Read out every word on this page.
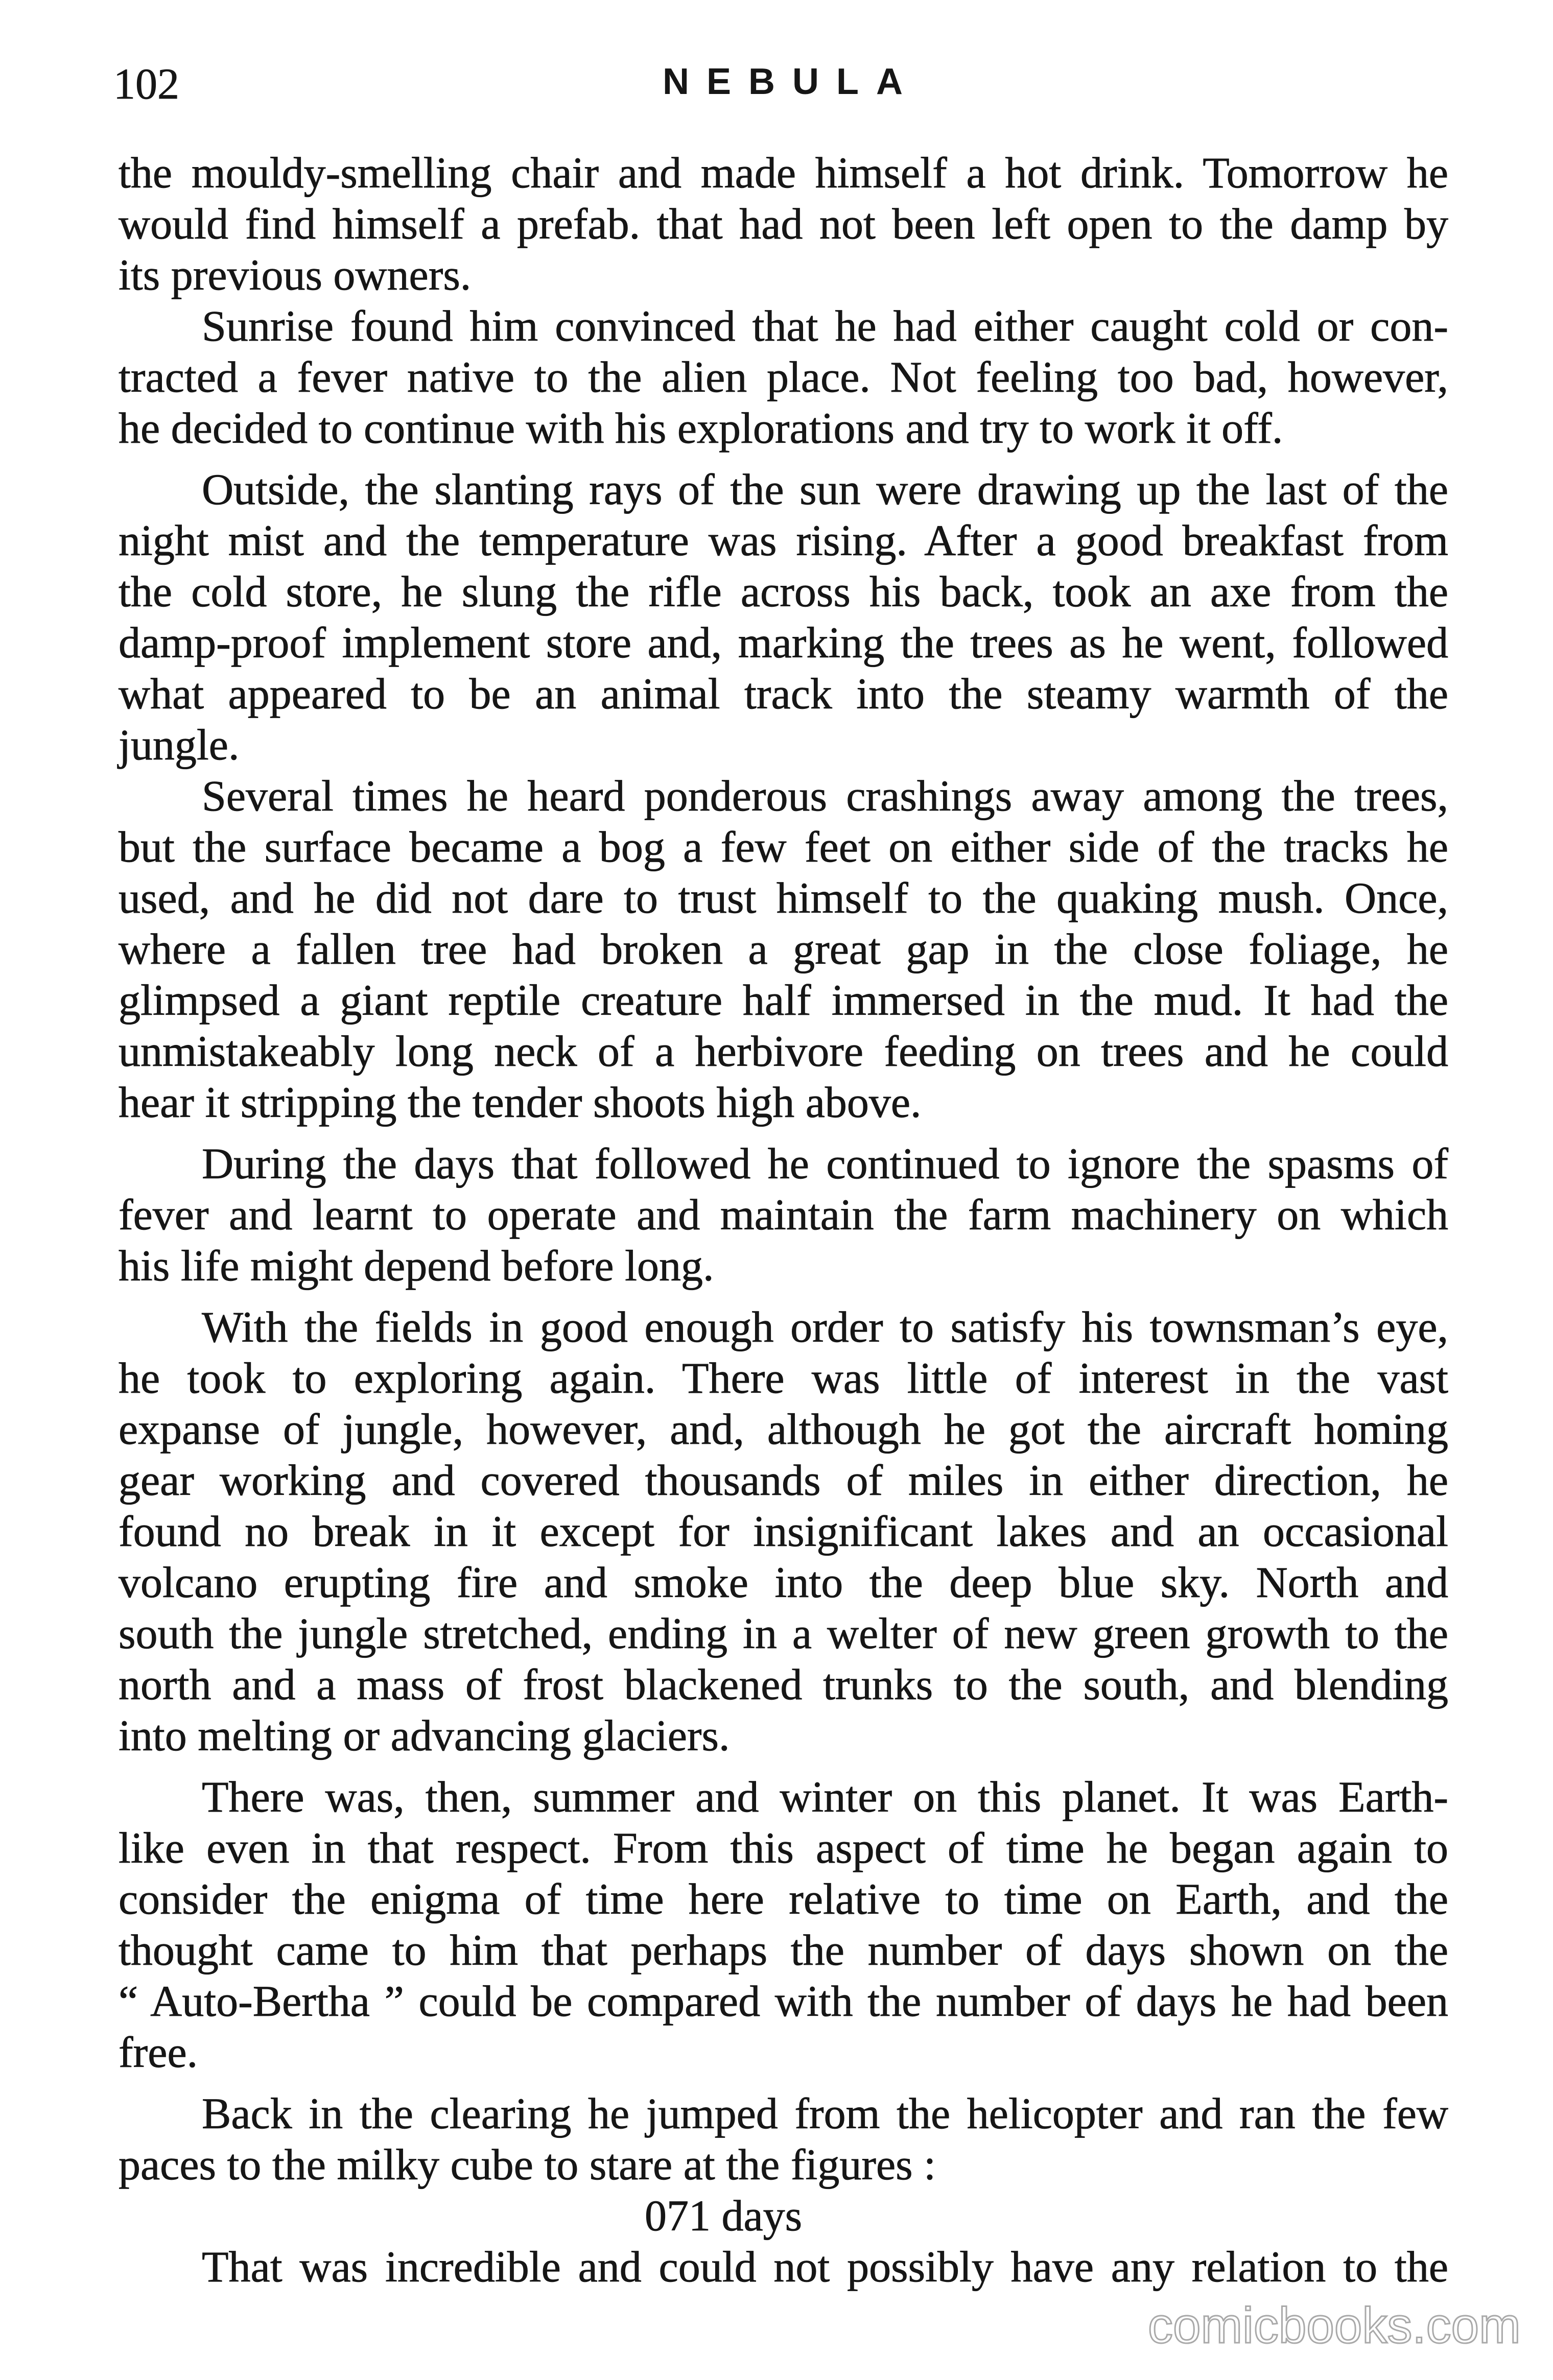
102	NEBULA
the mouldy-smelling chair and made himself a hot drink. Tomorrow he
would find himself a prefab. that had not been left open to the damp by
its previous owners.
Sunrise found him convinced that he had either caught cold or con-
tracted a fever native to the alien place. Not feeling too bad, however,
he decided to continue with his explorations and try to work it off.
Outside, the slanting rays of the sun were drawing up the last of the
night mist and the temperature was rising. After a good breakfast from
the cold store, he slung the rifle across his back, took an axe from the
damp-proof implement store and, marking the trees as he went, followed
what appeared to be an animal track into the steamy warmth of the
jungle.
Several times he heard ponderous crashings away among the trees,
but the surface became a bog a few feet on either side of the tracks he
used, and he did not dare to trust himself to the quaking mush. Once,
where a fallen tree had broken a great gap in the close foliage, he
glimpsed a giant reptile creature half immersed in the mud. It had the
unmistakeably long neck of a herbivore feeding on trees and he could
hear it stripping the tender shoots high above.
During the days that followed he continued to ignore the spasms of
fever and learnt to operate and maintain the farm machinery on which
his life might depend before long.
With the fields in good enough order to satisfy his townsman’s eye,
he took to exploring again. There was little of interest in the vast
expanse of jungle, however, and, although he got the aircraft homing
gear working and covered thousands of miles in either direction, he
found no break in it except for insignificant lakes and an occasional
volcano erupting fire and smoke into the deep blue sky. North and
south the jungle stretched, ending in a welter of new green growth to the
north and a mass of frost blackened trunks to the south, and blending
into melting or advancing glaciers.
There was, then, summer and winter on this planet. It was Earth-
like even in that respect. From this aspect of time he began again to
consider the enigma of time here relative to time on Earth, and the
thought came to him that perhaps the number of days shown on the
“ Auto-Bertha ” could be compared with the number of days he had been
free.
Back in the clearing he jumped from the helicopter and ran the few
paces to the milky cube to stare at the figures :
071 days
That was incredible and could not possibly have any relation to the
comicbooks.com
